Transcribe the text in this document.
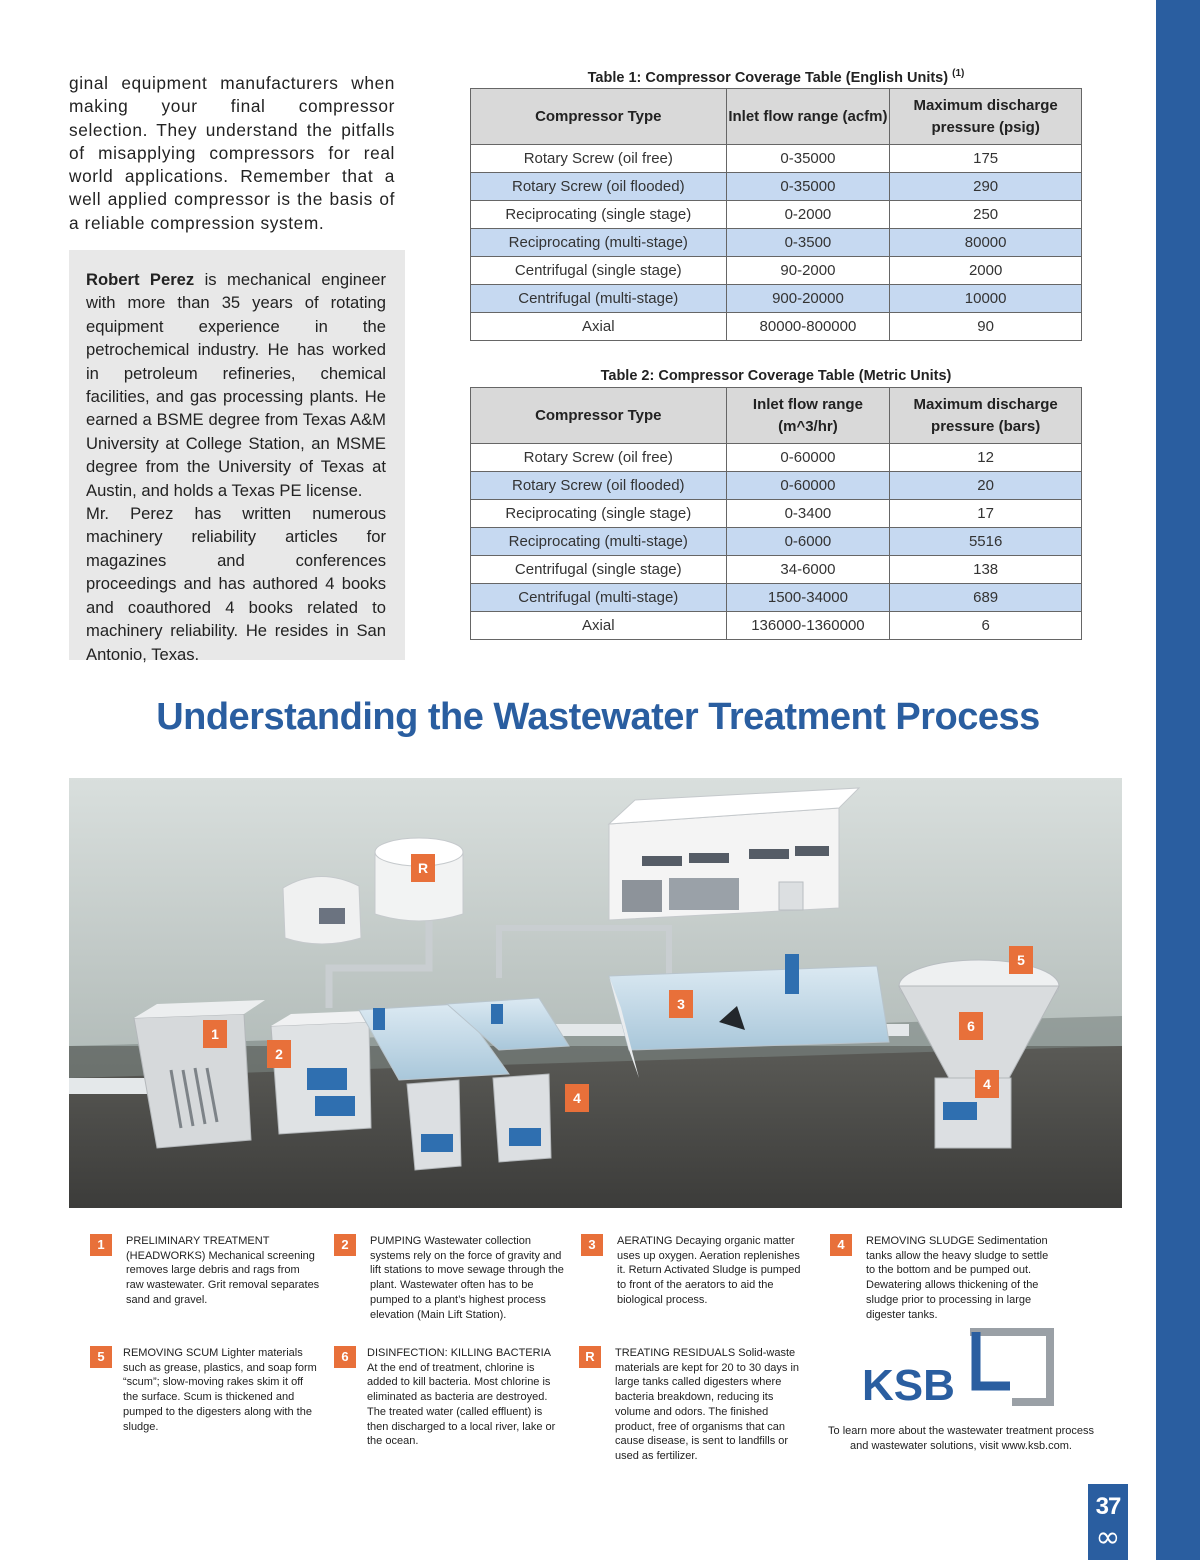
ginal equipment manufacturers when making your final compressor selection. They understand the pitfalls of misapplying compressors for real world applications. Remember that a well applied compressor is the basis of a reliable compression system.

Robert Perez is mechanical engineer with more than 35 years of rotating equipment experience in the petrochemical industry. He has worked in petroleum refineries, chemical facilities, and gas processing plants. He earned a BSME degree from Texas A&M University at College Station, an MSME degree from the University of Texas at Austin, and holds a Texas PE license.

Mr. Perez has written numerous machinery reliability articles for magazines and conferences proceedings and has authored 4 books and coauthored 4 books related to machinery reliability. He resides in San Antonio, Texas.

Table 1: Compressor Coverage Table (English Units) $^{(1)}$
Compressor Type	Inlet flow range (acfm)	Maximum discharge pressure (psig)
Rotary Screw (oil free)	0-35000	175
Rotary Screw (oil flooded)	0-35000	290
Reciprocating (single stage)	0-2000	250
Reciprocating (multi-stage)	0-3500	80000
Centrifugal (single stage)	90-2000	2000
Centrifugal (multi-stage)	900-20000	10000
Axial	80000-800000	90
Table 2: Compressor Coverage Table (Metric Units)
Compressor Type	Inlet flow range (m^3/hr)	Maximum discharge pressure (bars)
Rotary Screw (oil free)	0-60000	12
Rotary Screw (oil flooded)	0-60000	20
Reciprocating (single stage)	0-3400	17
Reciprocating (multi-stage)	0-6000	5516
Centrifugal (single stage)	34-6000	138
Centrifugal (multi-stage)	1500-34000	689
Axial	136000-1360000	6
Understanding the Wastewater Treatment Process
R
1
2
3
4
4
5
6
1	PRELIMINARY TREATMENT (HEADWORKS) Mechanical screening removes large debris and rags from raw wastewater. Grit removal separates sand and gravel.

2	PUMPING Wastewater collection systems rely on the force of gravity and lift stations to move sewage through the plant. Wastewater often has to be pumped to a plant’s highest process elevation (Main Lift Station).

3	AERATING Decaying organic matter uses up oxygen. Aeration replenishes it. Return Activated Sludge is pumped to front of the aerators to aid the biological process.

4	REMOVING SLUDGE Sedimentation tanks allow the heavy sludge to settle to the bottom and be pumped out. Dewatering allows thickening of the sludge prior to processing in large digester tanks.

5	REMOVING SCUM Lighter materials such as grease, plastics, and soap form “scum”; slow-moving rakes skim it off the surface. Scum is thickened and pumped to the digesters along with the sludge.

6	DISINFECTION: KILLING BACTERIA At the end of treatment, chlorine is added to kill bacteria. Most chlorine is eliminated as bacteria are destroyed. The treated water (called effluent) is then discharged to a local river, lake or the ocean.

R	TREATING RESIDUALS Solid-waste materials are kept for 20 to 30 days in large tanks called digesters where bacteria breakdown, reducing its volume and odors. The finished product, free of organisms that can cause disease, is sent to landfills or used as fertilizer.

KSB

To learn more about the wastewater treatment process and wastewater solutions, visit www.ksb.com.

37
∞
